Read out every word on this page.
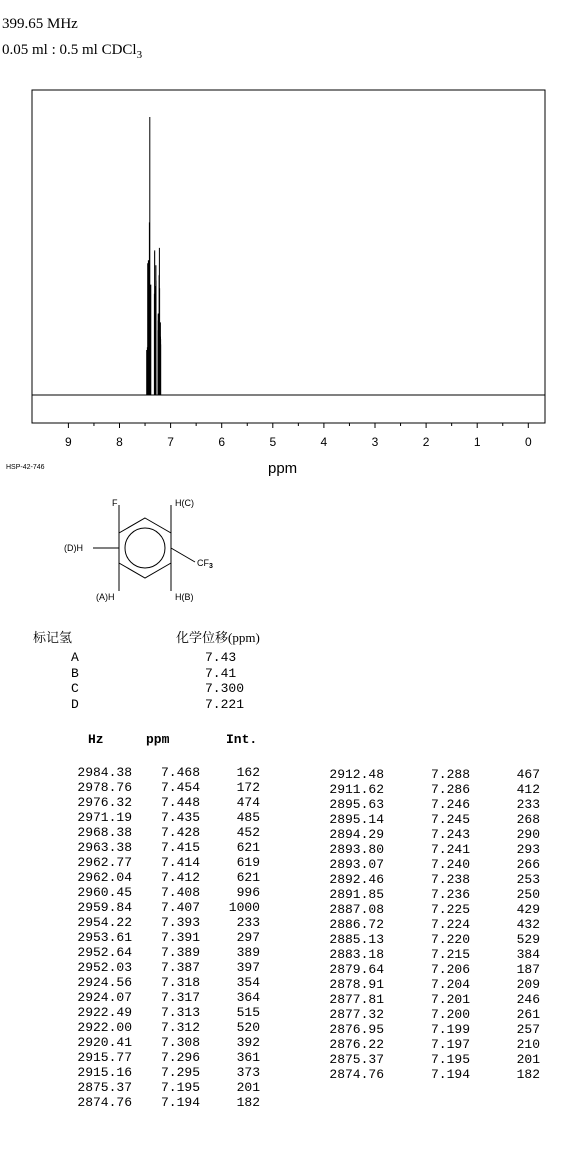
399.65 MHz
0.05 ml : 0.5 ml CDCl$_3$
9	8	7	6	5	4	3	2	1	0
HSP-42-746	ppm
F	H(C)
(D)H
$CF_3$
(A)H	H(B)
标记氢	化学位移(ppm)
A	7.43
B	7.41
C	7.300
D	7.221
Hz	ppm	Int.
2984.38	7.468	162
2978.76	7.454	172
2976.32	7.448	474
2971.19	7.435	485
2968.38	7.428	452
2963.38	7.415	621
2962.77	7.414	619
2962.04	7.412	621
2960.45	7.408	996
2959.84	7.407	1000
2954.22	7.393	233
2953.61	7.391	297
2952.64	7.389	389
2952.03	7.387	397
2924.56	7.318	354
2924.07	7.317	364
2922.49	7.313	515
2922.00	7.312	520
2920.41	7.308	392
2915.77	7.296	361
2915.16	7.295	373
2875.37	7.195	201
2874.76	7.194	182
2912.48	7.288	467
2911.62	7.286	412
2895.63	7.246	233
2895.14	7.245	268
2894.29	7.243	290
2893.80	7.241	293
2893.07	7.240	266
2892.46	7.238	253
2891.85	7.236	250
2887.08	7.225	429
2886.72	7.224	432
2885.13	7.220	529
2883.18	7.215	384
2879.64	7.206	187
2878.91	7.204	209
2877.81	7.201	246
2877.32	7.200	261
2876.95	7.199	257
2876.22	7.197	210
2875.37	7.195	201
2874.76	7.194	182
